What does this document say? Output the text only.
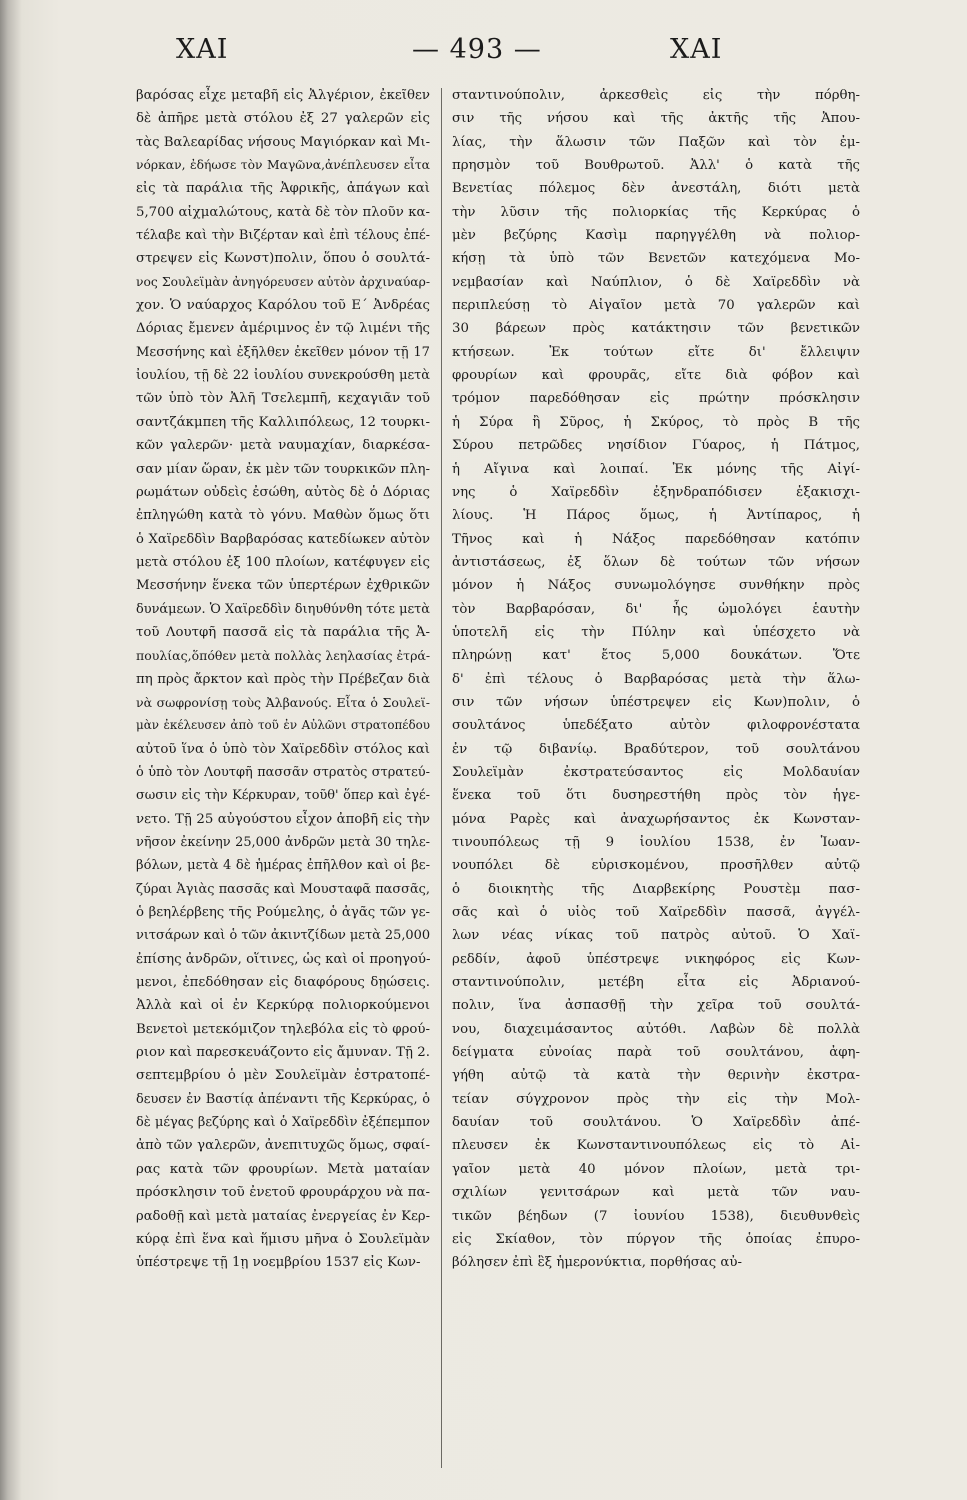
ΧΑΙ	— 493 —	ΧΑΙ
βαρόσας εἶχε μεταβῆ εἰς Ἀλγέριον, ἐκεῖθεν
δὲ ἀπῆρε μετὰ στόλου ἐξ 27 γαλερῶν εἰς
τὰς Βαλεαρίδας νήσους Μαγιόρκαν καὶ Μι-
νόρκαν, ἐδήωσε τὸν Μαγῶνα,ἀνέπλευσεν εἶτα
εἰς τὰ παράλια τῆς Ἀφρικῆς, ἀπάγων καὶ
5,700 αἰχμαλώτους, κατὰ δὲ τὸν πλοῦν κα-
τέλαβε καὶ τὴν Βιζέρταν καὶ ἐπὶ τέλους ἐπέ-
στρεψεν εἰς Κωνστ)πολιν, ὅπου ὁ σουλτά-
νος Σουλεϊμὰν ἀνηγόρευσεν αὐτὸν ἀρχιναύαρ-
χον. Ὁ ναύαρχος Καρόλου τοῦ Ε΄ Ἀνδρέας
Δόριας ἔμενεν ἀμέριμνος ἐν τῷ λιμένι τῆς
Μεσσήνης καὶ ἐξῆλθεν ἐκεῖθεν μόνον τῇ 17
ἰουλίου, τῇ δὲ 22 ἰουλίου συνεκρούσθη μετὰ
τῶν ὑπὸ τὸν Ἀλῆ Τσελεμπῆ, κεχαγιᾶν τοῦ
σαντζάκμπεη τῆς Καλλιπόλεως, 12 τουρκι-
κῶν γαλερῶν· μετὰ ναυμαχίαν, διαρκέσα-
σαν μίαν ὥραν, ἐκ μὲν τῶν τουρκικῶν πλη-
ρωμάτων οὐδεὶς ἐσώθη, αὐτὸς δὲ ὁ Δόριας
ἐπληγώθη κατὰ τὸ γόνυ. Μαθὼν ὅμως ὅτι
ὁ Χαϊρεδδὶν Βαρβαρόσας κατεδίωκεν αὐτὸν
μετὰ στόλου ἐξ 100 πλοίων, κατέφυγεν εἰς
Μεσσήνην ἕνεκα τῶν ὑπερτέρων ἐχθρικῶν
δυνάμεων. Ὁ Χαϊρεδδὶν διηυθύνθη τότε μετὰ
τοῦ Λουτφῆ πασσᾶ εἰς τὰ παράλια τῆς Ἀ-
πουλίας,ὅπόθεν μετὰ πολλὰς λεηλασίας ἐτρά-
πη πρὸς ἄρκτον καὶ πρὸς τὴν Πρέβεζαν διὰ
νὰ σωφρονίσῃ τοὺς Ἀλβανούς. Εἶτα ὁ Σουλεϊ-
μὰν ἐκέλευσεν ἀπὸ τοῦ ἐν Αὐλῶνι στρατοπέδου
αὐτοῦ ἵνα ὁ ὑπὸ τὸν Χαϊρεδδὶν στόλος καὶ
ὁ ὑπὸ τὸν Λουτφῆ πασσᾶν στρατὸς στρατεύ-
σωσιν εἰς τὴν Κέρκυραν, τοῦθ' ὅπερ καὶ ἐγέ-
νετο. Τῇ 25 αὐγούστου εἶχον ἀποβῆ εἰς τὴν
νῆσον ἐκείνην 25,000 ἀνδρῶν μετὰ 30 τηλε-
βόλων, μετὰ 4 δὲ ἡμέρας ἐπῆλθον καὶ οἱ βε-
ζύραι Ἀγιὰς πασσᾶς καὶ Μουσταφᾶ πασσᾶς,
ὁ βεηλέρβεης τῆς Ρούμελης, ὁ ἀγᾶς τῶν γε-
νιτσάρων καὶ ὁ τῶν ἀκιντζίδων μετὰ 25,000
ἐπίσης ἀνδρῶν, οἵτινες, ὡς καὶ οἱ προηγού-
μενοι, ἐπεδόθησαν εἰς διαφόρους δῃώσεις.
Ἀλλὰ καὶ οἱ ἐν Κερκύρᾳ πολιορκούμενοι
Βενετοὶ μετεκόμιζον τηλεβόλα εἰς τὸ φρού-
ριον καὶ παρεσκευάζοντο εἰς ἄμυναν. Τῇ 2.
σεπτεμβρίου ὁ μὲν Σουλεϊμὰν ἐστρατοπέ-
δευσεν ἐν Βαστίᾳ ἀπέναντι τῆς Κερκύρας, ὁ
δὲ μέγας βεζύρης καὶ ὁ Χαϊρεδδὶν ἐξέπεμπον
ἀπὸ τῶν γαλερῶν, ἀνεπιτυχῶς ὅμως, σφαί-
ρας κατὰ τῶν φρουρίων. Μετὰ ματαίαν
πρόσκλησιν τοῦ ἐνετοῦ φρουράρχου νὰ πα-
ραδοθῇ καὶ μετὰ ματαίας ἐνεργείας ἐν Κερ-
κύρᾳ ἐπὶ ἕνα καὶ ἥμισυ μῆνα ὁ Σουλεϊμὰν
ὑπέστρεψε τῇ 1ῃ νοεμβρίου 1537 εἰς Κων-
σταντινούπολιν, ἀρκεσθεὶς εἰς τὴν πόρθη-
σιν τῆς νήσου καὶ τῆς ἀκτῆς τῆς Ἀπου-
λίας, τὴν ἅλωσιν τῶν Παξῶν καὶ τὸν ἐμ-
πρησμὸν τοῦ Βουθρωτοῦ. Ἀλλ' ὁ κατὰ τῆς
Βενετίας πόλεμος δὲν ἀνεστάλη, διότι μετὰ
τὴν λῦσιν τῆς πολιορκίας τῆς Κερκύρας ὁ
μὲν βεζύρης Κασὶμ παρηγγέλθη νὰ πολιορ-
κήσῃ τὰ ὑπὸ τῶν Βενετῶν κατεχόμενα Μο-
νεμβασίαν καὶ Ναύπλιον, ὁ δὲ Χαϊρεδδὶν νὰ
περιπλεύσῃ τὸ Αἰγαῖον μετὰ 70 γαλερῶν καὶ
30 βάρεων πρὸς κατάκτησιν τῶν βενετικῶν
κτήσεων. Ἐκ τούτων εἴτε δι' ἔλλειψιν
φρουρίων καὶ φρουρᾶς, εἴτε διὰ φόβον καὶ
τρόμον παρεδόθησαν εἰς πρώτην πρόσκλησιν
ἡ Σύρα ἢ Σῦρος, ἡ Σκύρος, τὸ πρὸς Β τῆς
Σύρου πετρῶδες νησίδιον Γύαρος, ἡ Πάτμος,
ἡ Αἴγινα καὶ λοιπαί. Ἐκ μόνης τῆς Αἰγί-
νης ὁ Χαϊρεδδὶν ἐξηνδραπόδισεν ἑξακισχι-
λίους. Ἡ Πάρος ὅμως, ἡ Ἀντίπαρος, ἡ
Τῆνος καὶ ἡ Νάξος παρεδόθησαν κατόπιν
ἀντιστάσεως, ἐξ ὅλων δὲ τούτων τῶν νήσων
μόνον ἡ Νάξος συνωμολόγησε συνθήκην πρὸς
τὸν Βαρβαρόσαν, δι' ἧς ὡμολόγει ἑαυτὴν
ὑποτελῆ εἰς τὴν Πύλην καὶ ὑπέσχετο νὰ
πληρώνῃ κατ' ἔτος 5,000 δουκάτων. Ὅτε
δ' ἐπὶ τέλους ὁ Βαρβαρόσας μετὰ τὴν ἅλω-
σιν τῶν νήσων ὑπέστρεψεν εἰς Κων)πολιν, ὁ
σουλτάνος ὑπεδέξατο αὐτὸν φιλοφρονέστατα
ἐν τῷ διβανίῳ. Βραδύτερον, τοῦ σουλτάνου
Σουλεϊμὰν ἐκστρατεύσαντος εἰς Μολδαυίαν
ἕνεκα τοῦ ὅτι δυσηρεστήθη πρὸς τὸν ἡγε-
μόνα Ραρὲς καὶ ἀναχωρήσαντος ἐκ Κωνσταν-
τινουπόλεως τῇ 9 ἰουλίου 1538, ἐν Ἰωαν-
νουπόλει δὲ εὑρισκομένου, προσῆλθεν αὐτῷ
ὁ διοικητὴς τῆς Διαρβεκίρης Ρουστὲμ πασ-
σᾶς καὶ ὁ υἱὸς τοῦ Χαϊρεδδὶν πασσᾶ, ἀγγέλ-
λων νέας νίκας τοῦ πατρὸς αὐτοῦ. Ὁ Χαϊ-
ρεδδίν, ἀφοῦ ὑπέστρεψε νικηφόρος εἰς Κων-
σταντινούπολιν, μετέβη εἶτα εἰς Ἀδριανού-
πολιν, ἵνα ἀσπασθῇ τὴν χεῖρα τοῦ σουλτά-
νου, διαχειμάσαντος αὐτόθι. Λαβὼν δὲ πολλὰ
δείγματα εὐνοίας παρὰ τοῦ σουλτάνου, ἀφη-
γήθη αὐτῷ τὰ κατὰ τὴν θερινὴν ἐκστρα-
τείαν σύγχρονον πρὸς τὴν εἰς τὴν Μολ-
δαυίαν τοῦ σουλτάνου. Ὁ Χαϊρεδδὶν ἀπέ-
πλευσεν ἐκ Κωνσταντινουπόλεως εἰς τὸ Αἰ-
γαῖον μετὰ 40 μόνον πλοίων, μετὰ τρι-
σχιλίων γενιτσάρων καὶ μετὰ τῶν ναυ-
τικῶν βέηδων (7 ἰουνίου 1538), διευθυνθεὶς
εἰς Σκίαθον, τὸν πύργον τῆς ὁποίας ἐπυρο-
βόλησεν ἐπὶ ἓξ ἡμερονύκτια, πορθήσας αὐ-
